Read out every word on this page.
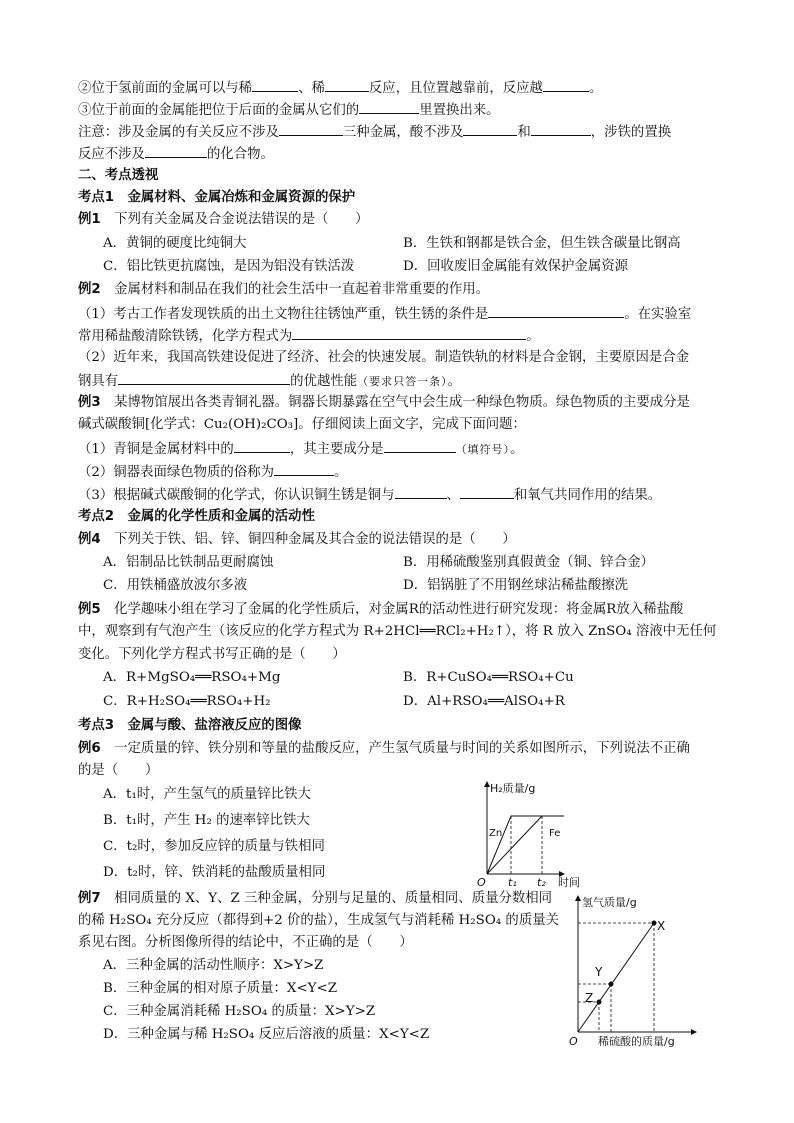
②位于氢前面的金属可以与稀	、稀	反应，且位置越靠前，反应越	。
③位于前面的金属能把位于后面的金属从它们的	里置换出来。
注意：涉及金属的有关反应不涉及	三种金属，酸不涉及	和	，涉铁的置换
反应不涉及	的化合物。
二、考点透视
考点1　金属材料、金属冶炼和金属资源的保护
例1　下列有关金属及合金说法错误的是（　　）
A．黄铜的硬度比纯铜大	B．生铁和钢都是铁合金，但生铁含碳量比钢高
C．铝比铁更抗腐蚀，是因为铝没有铁活泼	D．回收废旧金属能有效保护金属资源
例2　金属材料和制品在我们的社会生活中一直起着非常重要的作用。
（1）考古工作者发现铁质的出土文物往往锈蚀严重，铁生锈的条件是	。在实验室
常用稀盐酸清除铁锈，化学方程式为	。
（2）近年来，我国高铁建设促进了经济、社会的快速发展。制造铁轨的材料是合金钢，主要原因是合金
钢具有	的优越性能（要求只答一条）。
例3　某博物馆展出各类青铜礼器。铜器长期暴露在空气中会生成一种绿色物质。绿色物质的主要成分是
碱式碳酸铜[化学式：Cu₂(OH)₂CO₃]。仔细阅读上面文字，完成下面问题：
（1）青铜是金属材料中的	，其主要成分是	（填符号）。
（2）铜器表面绿色物质的俗称为	。
（3）根据碱式碳酸铜的化学式，你认识铜生锈是铜与	、	和氧气共同作用的结果。
考点2　金属的化学性质和金属的活动性
例4　下列关于铁、铝、锌、铜四种金属及其合金的说法错误的是（　　）
A．铝制品比铁制品更耐腐蚀	B．用稀硫酸鉴别真假黄金（铜、锌合金）
C．用铁桶盛放波尔多液	D．铝锅脏了不用钢丝球沾稀盐酸擦洗
例5　化学趣味小组在学习了金属的化学性质后，对金属R的活动性进行研究发现：将金属R放入稀盐酸
中，观察到有气泡产生（该反应的化学方程式为 R+2HCl══RCl₂+H₂↑），将 R 放入 ZnSO₄ 溶液中无任何
变化。下列化学方程式书写正确的是（　　）
A．R+MgSO₄══RSO₄+Mg	B．R+CuSO₄══RSO₄+Cu
C．R+H₂SO₄══RSO₄+H₂	D．Al+RSO₄══AlSO₄+R
考点3　金属与酸、盐溶液反应的图像
例6　一定质量的锌、铁分别和等量的盐酸反应，产生氢气质量与时间的关系如图所示，下列说法不正确
的是（　　）
A．t₁时，产生氢气的质量锌比铁大
B．t₁时，产生 H₂ 的速率锌比铁大
C．t₂时，参加反应锌的质量与铁相同
D．t₂时，锌、铁消耗的盐酸质量相同
H₂质量/g
O t₁ t₂ 时间
Zn	Fe
例7　相同质量的 X、Y、Z 三种金属，分别与足量的、质量相同、质量分数相同
的稀 H₂SO₄ 充分反应（都得到+2 价的盐），生成氢气与消耗稀 H₂SO₄ 的质量关
系见右图。分析图像所得的结论中，不正确的是（　　）
A．三种金属的活动性顺序：X>Y>Z
B．三种金属的相对原子质量：X<Y<Z
C．三种金属消耗稀 H₂SO₄ 的质量：X>Y>Z
D．三种金属与稀 H₂SO₄ 反应后溶液的质量：X<Y<Z
氢气质量/g
O 稀硫酸的质量/g
X
Y
Z
